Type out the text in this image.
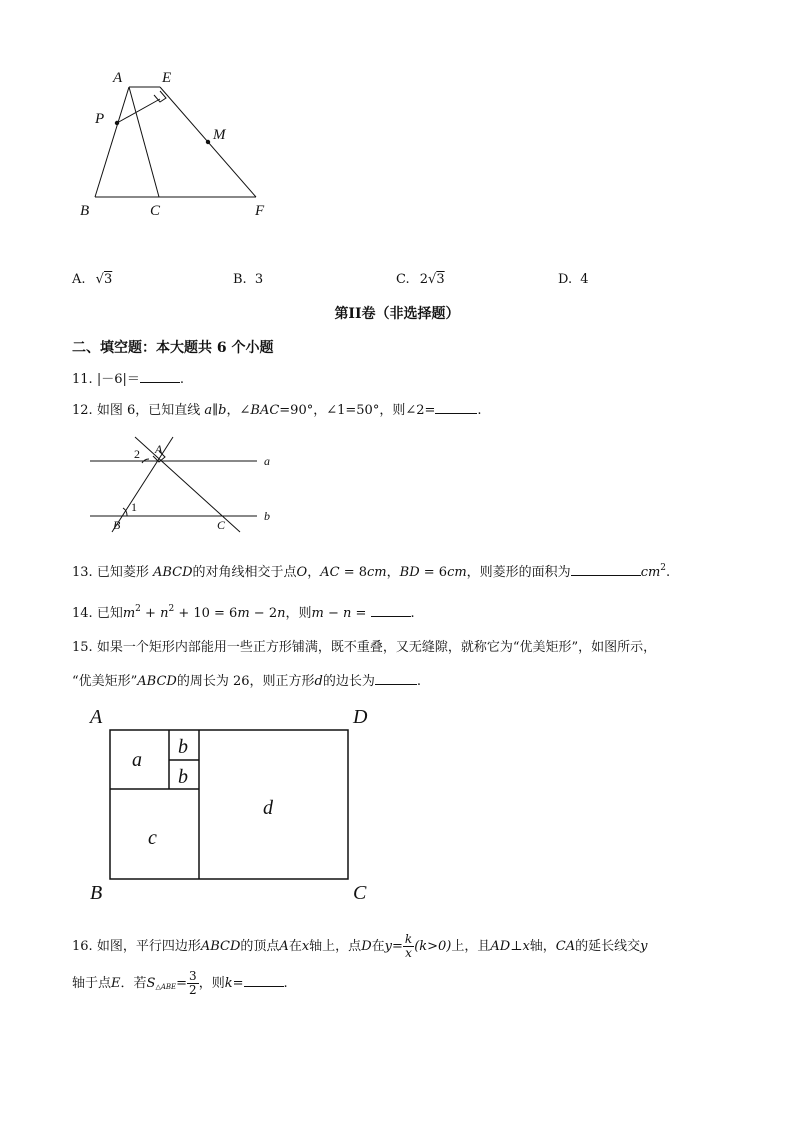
A	E
P
M
B	C	F
A. √3	B. 3	C. 2√3	D. 4
第II卷（非选择题）
二、填空题：本大题共 6 个小题
11. |－6|＝	.
12. 如图 6，已知直线 a∥b，∠BAC=90°，∠1=50°，则∠2=	.
2 A
a
1
B	C
b
13. 已知菱形 ABCD的对角线相交于点O，AC = 8cm，BD = 6cm，则菱形的面积为	$cm^2$.
14. 已知$m^2 + n^2 + 10 = 6m - 2n$，则m − n =	.
15. 如果一个矩形内部能用一些正方形铺满，既不重叠，又无缝隙，就称它为“优美矩形”，如图所示，
“优美矩形”ABCD的周长为 26，则正方形d的边长为	.
A	D
B	C
a
b
b
c
d
16. 如图，平行四边形ABCD的顶点A在x轴上，点D在$y= \frac{k}{x} (k>0)$上，且AD⊥x轴，CA的延长线交y
轴于点E．若$S_{\triangle ABE}= \frac{3}{2}$ ，则k=	.
